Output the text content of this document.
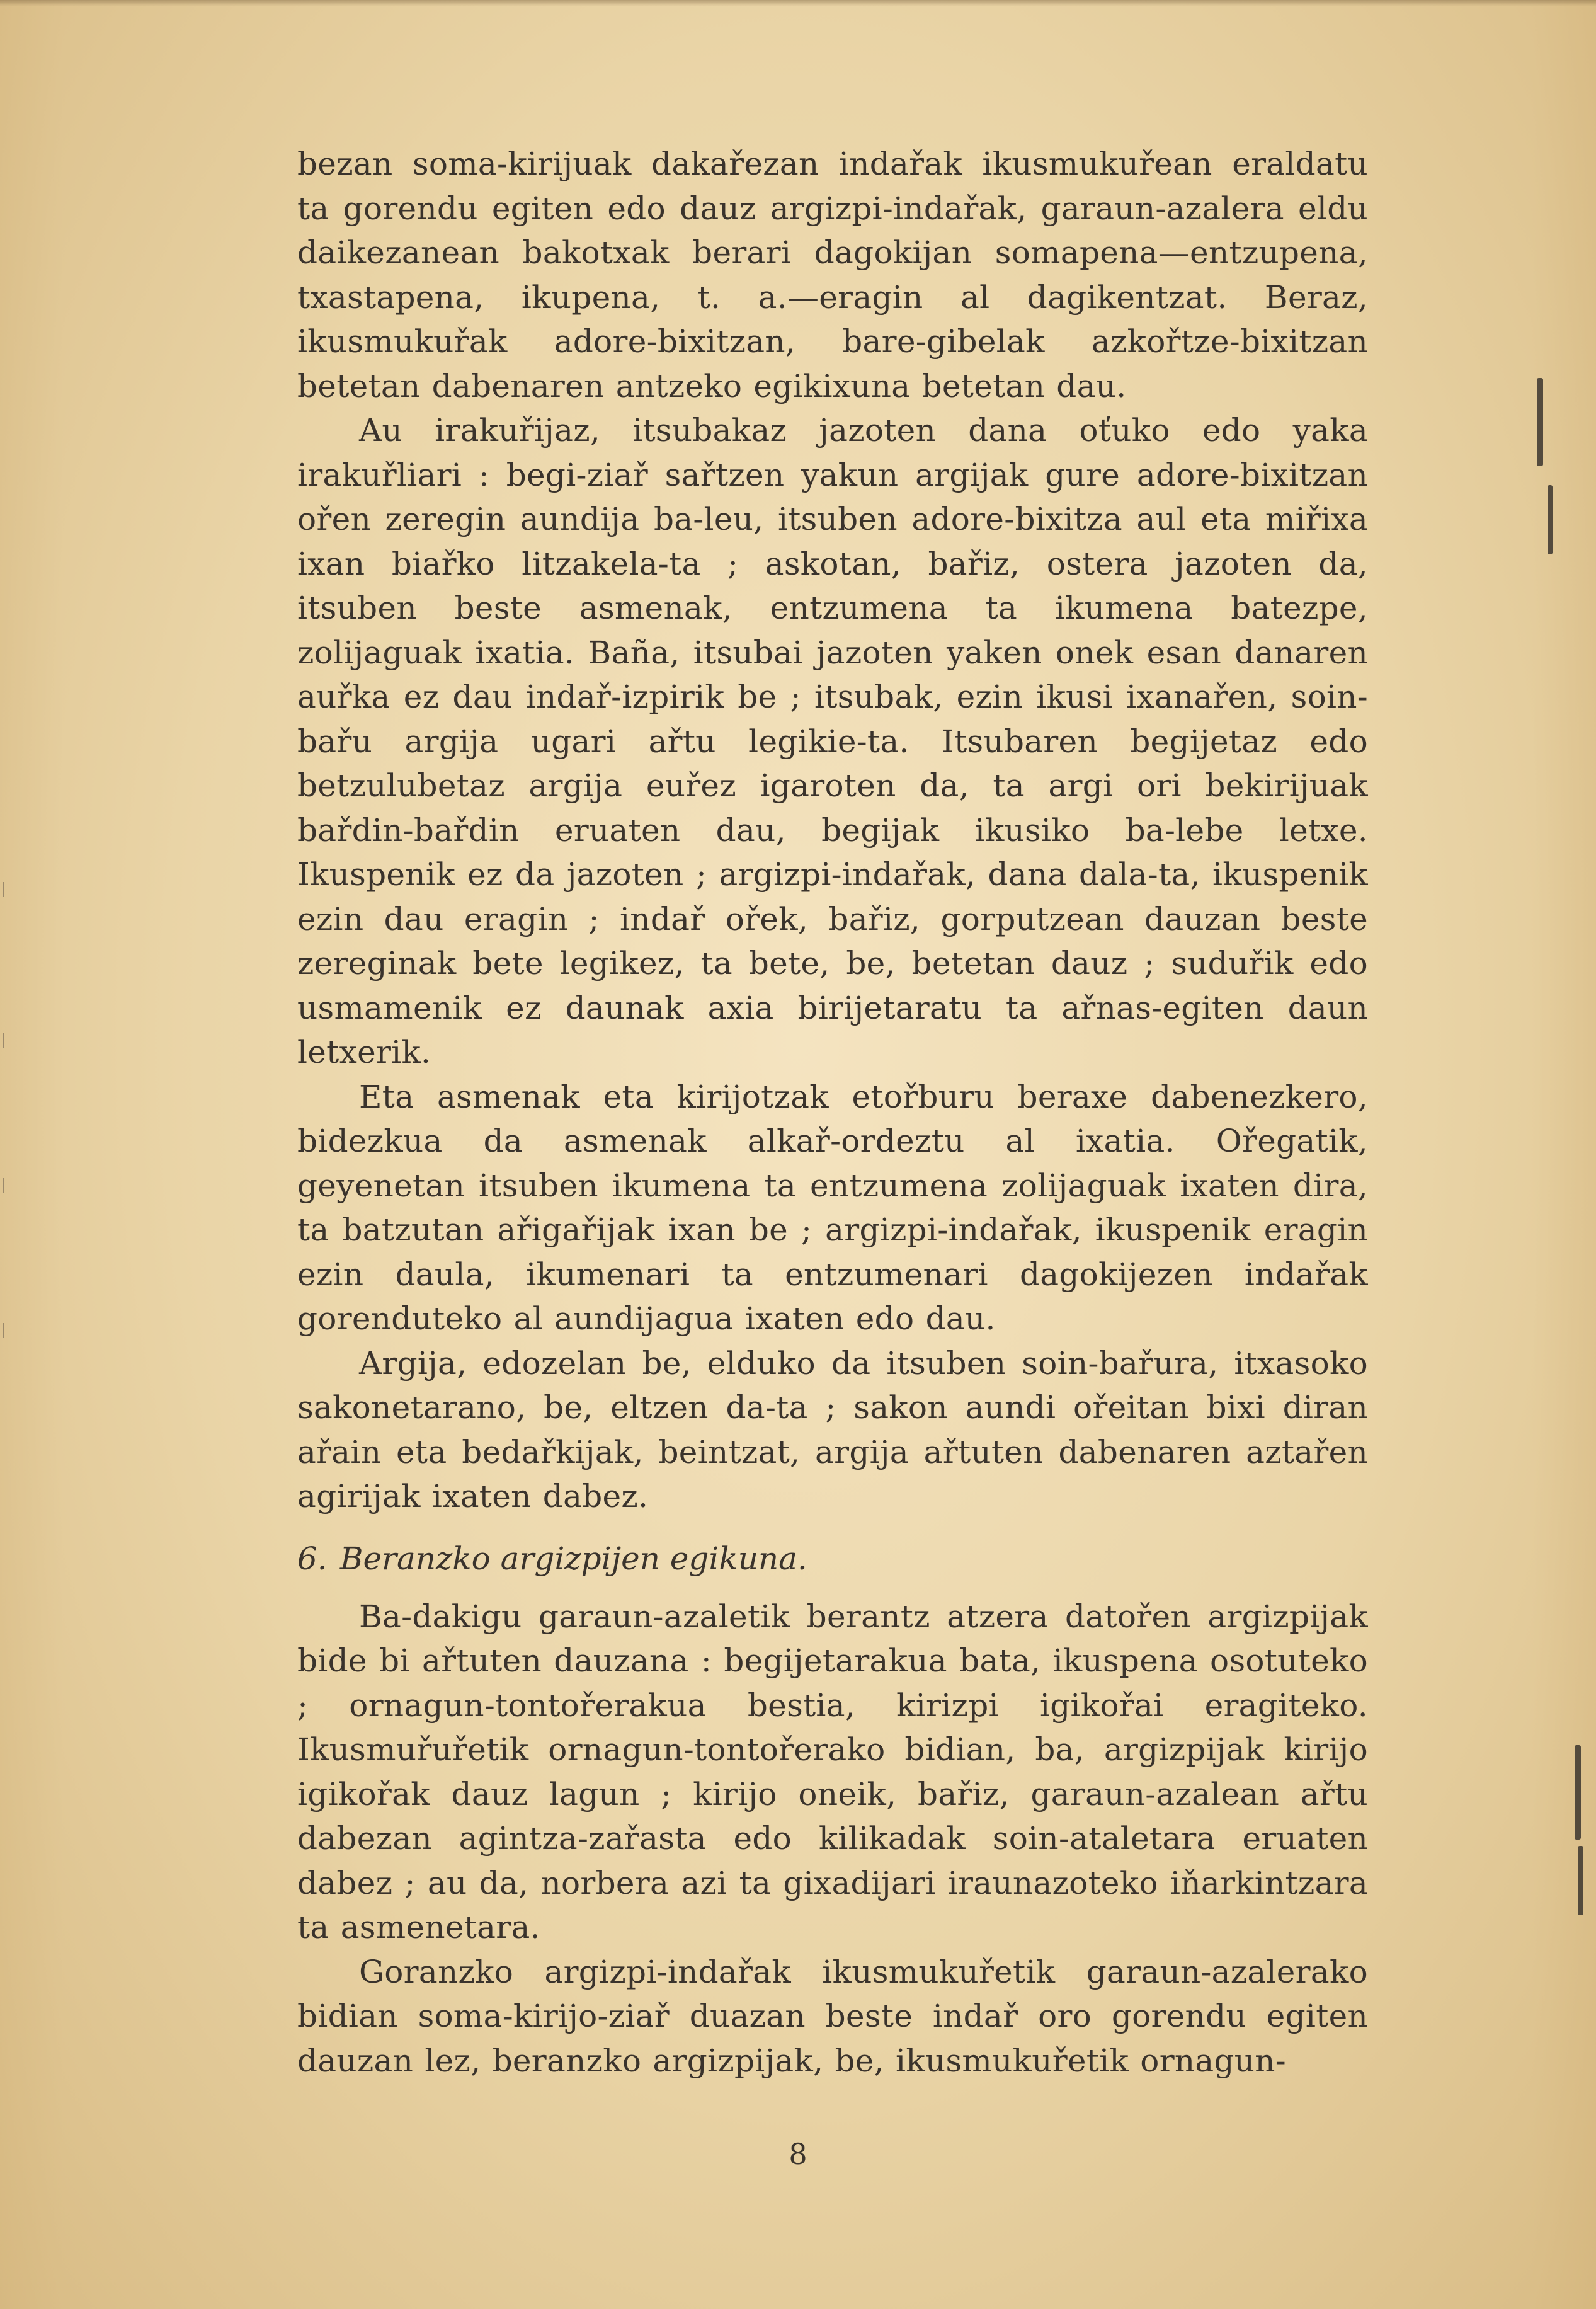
bezan soma-kirijuak dakařezan indařak ikusmukuřean eraldatu ta gorendu egiten edo dauz argizpi-indařak, garaun-azalera eldu daikezanean bakotxak berari dagokijan somapena—entzupena, txastapena, ikupena, t. a.—eragin al dagikentzat. Beraz, ikusmukuřak adore-bixitzan, bare-gibelak azkořtze-bixitzan betetan dabenaren antzeko egikixuna betetan dau.

Au irakuřijaz, itsubakaz jazoten dana oťuko edo yaka irakuřliari : begi-ziař sařtzen yakun argijak gure adore-bixitzan ořen zeregin aundija ba-leu, itsuben adore-bixitza aul eta miřixa ixan biařko litzakela-ta ; askotan, bařiz, ostera jazoten da, itsuben beste asmenak, entzumena ta ikumena batezpe, zolijaguak ixatia. Baña, itsubai jazoten yaken onek esan danaren auřka ez dau indař-izpirik be ; itsubak, ezin ikusi ixanařen, soin-bařu argija ugari ařtu legikie-ta. Itsubaren begijetaz edo betzulubetaz argija euřez igaroten da, ta argi ori bekirijuak bařdin-bařdin eruaten dau, begijak ikusiko ba-lebe letxe. Ikuspenik ez da jazoten ; argizpi-indařak, dana dala-ta, ikuspenik ezin dau eragin ; indař ořek, bařiz, gorputzean dauzan beste zereginak bete legikez, ta bete, be, betetan dauz ; suduřik edo usmamenik ez daunak axia birijetaratu ta ařnas-egiten daun letxerik.

Eta asmenak eta kirijotzak etořburu beraxe dabenezkero, bidezkua da asmenak alkař-ordeztu al ixatia. Ořegatik, geyenetan itsuben ikumena ta entzumena zolijaguak ixaten dira, ta batzutan ařigařijak ixan be ; argizpi-indařak, ikuspenik eragin ezin daula, ikumenari ta entzumenari dagokijezen indařak gorenduteko al aundijagua ixaten edo dau.

Argija, edozelan be, elduko da itsuben soin-bařura, itxasoko sakonetarano, be, eltzen da-ta ; sakon aundi ořeitan bixi diran ařain eta bedařkijak, beintzat, argija ařtuten dabenaren aztařen agirijak ixaten dabez.

6. Beranzko argizpijen egikuna.

Ba-dakigu garaun-azaletik berantz atzera datořen argizpijak bide bi ařtuten dauzana : begijetarakua bata, ikuspena osotuteko ; ornagun-tontořerakua bestia, kirizpi igikořai eragiteko. Ikusmuřuřetik ornagun-tontořerako bidian, ba, argizpijak kirijo igikořak dauz lagun ; kirijo oneik, bařiz, garaun-azalean ařtu dabezan agintza-zařasta edo kilikadak soin-ataletara eruaten dabez ; au da, norbera azi ta gixadijari iraunazoteko iňarkintzara ta asmenetara.

Goranzko argizpi-indařak ikusmukuřetik garaun-azalerako bidian soma-kirijo-ziař duazan beste indař oro gorendu egiten dauzan lez, beranzko argizpijak, be, ikusmukuřetik ornagun-

8
